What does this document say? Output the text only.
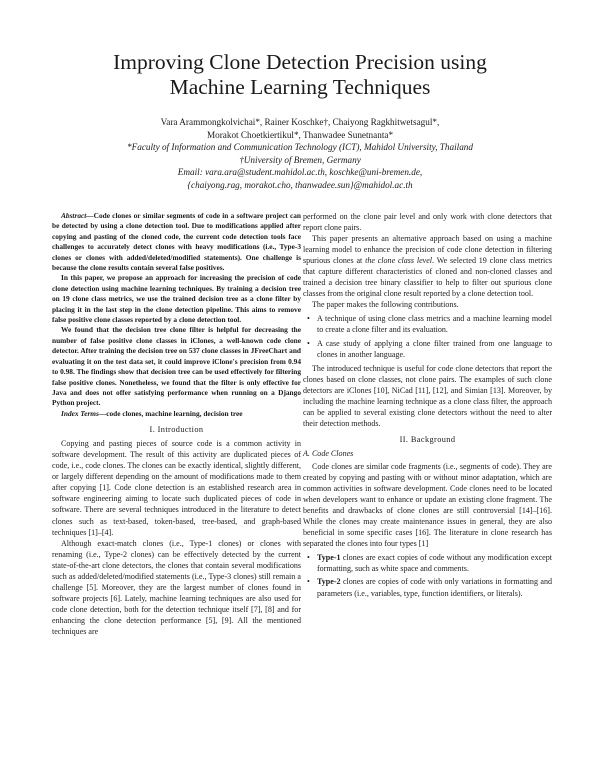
Improving Clone Detection Precision using
Machine Learning Techniques
Vara Arammongkolvichai*, Rainer Koschke†, Chaiyong Ragkhitwetsagul*,
Morakot Choetkiertikul*, Thanwadee Sunetnanta*
*Faculty of Information and Communication Technology (ICT), Mahidol University, Thailand
†University of Bremen, Germany
Email: vara.ara@student.mahidol.ac.th, koschke@uni-bremen.de,
{chaiyong.rag, morakot.cho, thanwadee.sun}@mahidol.ac.th

Abstract—Code clones or similar segments of code in a software project can be detected by using a clone detection tool. Due to modifications applied after copying and pasting of the cloned code, the current code detection tools face challenges to accurately detect clones with heavy modifications (i.e., Type-3 clones or clones with added/deleted/modified statements). One challenge is because the clone results contain several false positives.

In this paper, we propose an approach for increasing the precision of code clone detection using machine learning techniques. By training a decision tree on 19 clone class metrics, we use the trained decision tree as a clone filter by placing it in the last step in the clone detection pipeline. This aims to remove false positive clone classes reported by a clone detection tool.

We found that the decision tree clone filter is helpful for decreasing the number of false positive clone classes in iClones, a well-known code clone detector. After training the decision tree on 537 clone classes in JFreeChart and evaluating it on the test data set, it could improve iClone's precision from 0.94 to 0.98. The findings show that decision tree can be used effectively for filtering false positive clones. Nonetheless, we found that the filter is only effective for Java and does not offer satisfying performance when running on a Django Python project.

Index Terms—code clones, machine learning, decision tree

I. Introduction

Copying and pasting pieces of source code is a common activity in software development. The result of this activity are duplicated pieces of code, i.e., code clones. The clones can be exactly identical, slightly different, or largely different depending on the amount of modifications made to them after copying [1]. Code clone detection is an established research area in software engineering aiming to locate such duplicated pieces of code in software. There are several techniques introduced in the literature to detect clones such as text-based, token-based, tree-based, and graph-based techniques [1]–[4].

Although exact-match clones (i.e., Type-1 clones) or clones with renaming (i.e., Type-2 clones) can be effectively detected by the current state-of-the-art clone detectors, the clones that contain several modifications such as added/deleted/modified statements (i.e., Type-3 clones) still remain a challenge [5]. Moreover, they are the largest number of clones found in software projects [6]. Lately, machine learning techniques are also used for code clone detection, both for the detection technique itself [7], [8] and for enhancing the clone detection performance [5], [9]. All the mentioned techniques are

performed on the clone pair level and only work with clone detectors that report clone pairs.

This paper presents an alternative approach based on using a machine learning model to enhance the precision of code clone detection in filtering spurious clones at the clone class level. We selected 19 clone class metrics that capture different characteristics of cloned and non-cloned classes and trained a decision tree binary classifier to help to filter out spurious clone classes from the original clone result reported by a clone detection tool.

The paper makes the following contributions.

• A technique of using clone class metrics and a machine learning model to create a clone filter and its evaluation.
• A case study of applying a clone filter trained from one language to clones in another language.

The introduced technique is useful for code clone detectors that report the clones based on clone classes, not clone pairs. The examples of such clone detectors are iClones [10], NiCad [11], [12], and Simian [13]. Moreover, by including the machine learning technique as a clone class filter, the approach can be applied to several existing clone detectors without the need to alter their detection methods.

II. Background
A. Code Clones

Code clones are similar code fragments (i.e., segments of code). They are created by copying and pasting with or without minor adaptation, which are common activities in software development. Code clones need to be located when developers want to enhance or update an existing clone fragment. The benefits and drawbacks of clone clones are still controversial [14]–[16]. While the clones may create maintenance issues in general, they are also beneficial in some specific cases [16]. The literature in clone research has separated the clones into four types [1]

• Type-1 clones are exact copies of code without any modification except formatting, such as white space and comments.
• Type-2 clones are copies of code with only variations in formatting and parameters (i.e., variables, type, function identifiers, or literals).
